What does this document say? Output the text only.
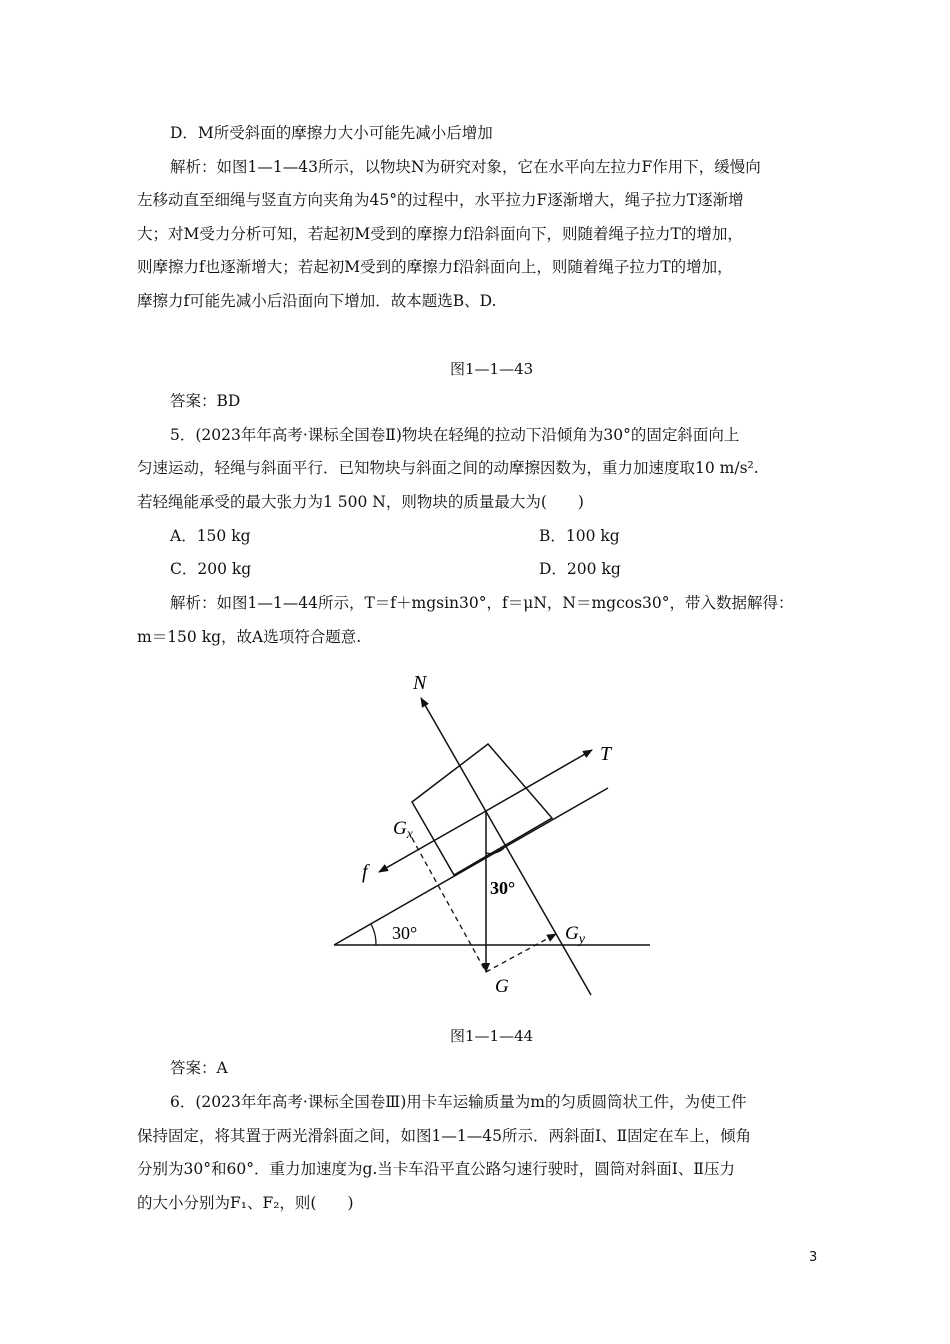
D．M所受斜面的摩擦力大小可能先减小后增加
解析：如图1—1—43所示，以物块N为研究对象，它在水平向左拉力F作用下，缓慢向
左移动直至细绳与竖直方向夹角为45°的过程中，水平拉力F逐渐增大，绳子拉力T逐渐增
大；对M受力分析可知，若起初M受到的摩擦力f沿斜面向下，则随着绳子拉力T的增加，
则摩擦力f也逐渐增大；若起初M受到的摩擦力f沿斜面向上，则随着绳子拉力T的增加，
摩擦力f可能先减小后沿面向下增加．故本题选B、D.
图1—1—43
答案：BD
5．(2023年年高考·课标全国卷Ⅱ)物块在轻绳的拉动下沿倾角为30°的固定斜面向上
匀速运动，轻绳与斜面平行．已知物块与斜面之间的动摩擦因数为，重力加速度取10 m/s².
若轻绳能承受的最大张力为1 500 N，则物块的质量最大为(　　)
A．150 kg	B．100 kg
C．200 kg	D．200 kg
解析：如图1—1—44所示，T＝f＋mgsin30°，f＝μN，N＝mgcos30°，带入数据解得：
m＝150 kg，故A选项符合题意.
N
T
$G_x$
f
30°
30°	$G_y$
G
图1—1—44
答案：A
6．(2023年年高考·课标全国卷Ⅲ)用卡车运输质量为m的匀质圆筒状工件，为使工件
保持固定，将其置于两光滑斜面之间，如图1—1—45所示．两斜面Ⅰ、Ⅱ固定在车上，倾角
分别为30°和60°．重力加速度为g.当卡车沿平直公路匀速行驶时，圆筒对斜面Ⅰ、Ⅱ压力
的大小分别为F₁、F₂，则(　　)
3
